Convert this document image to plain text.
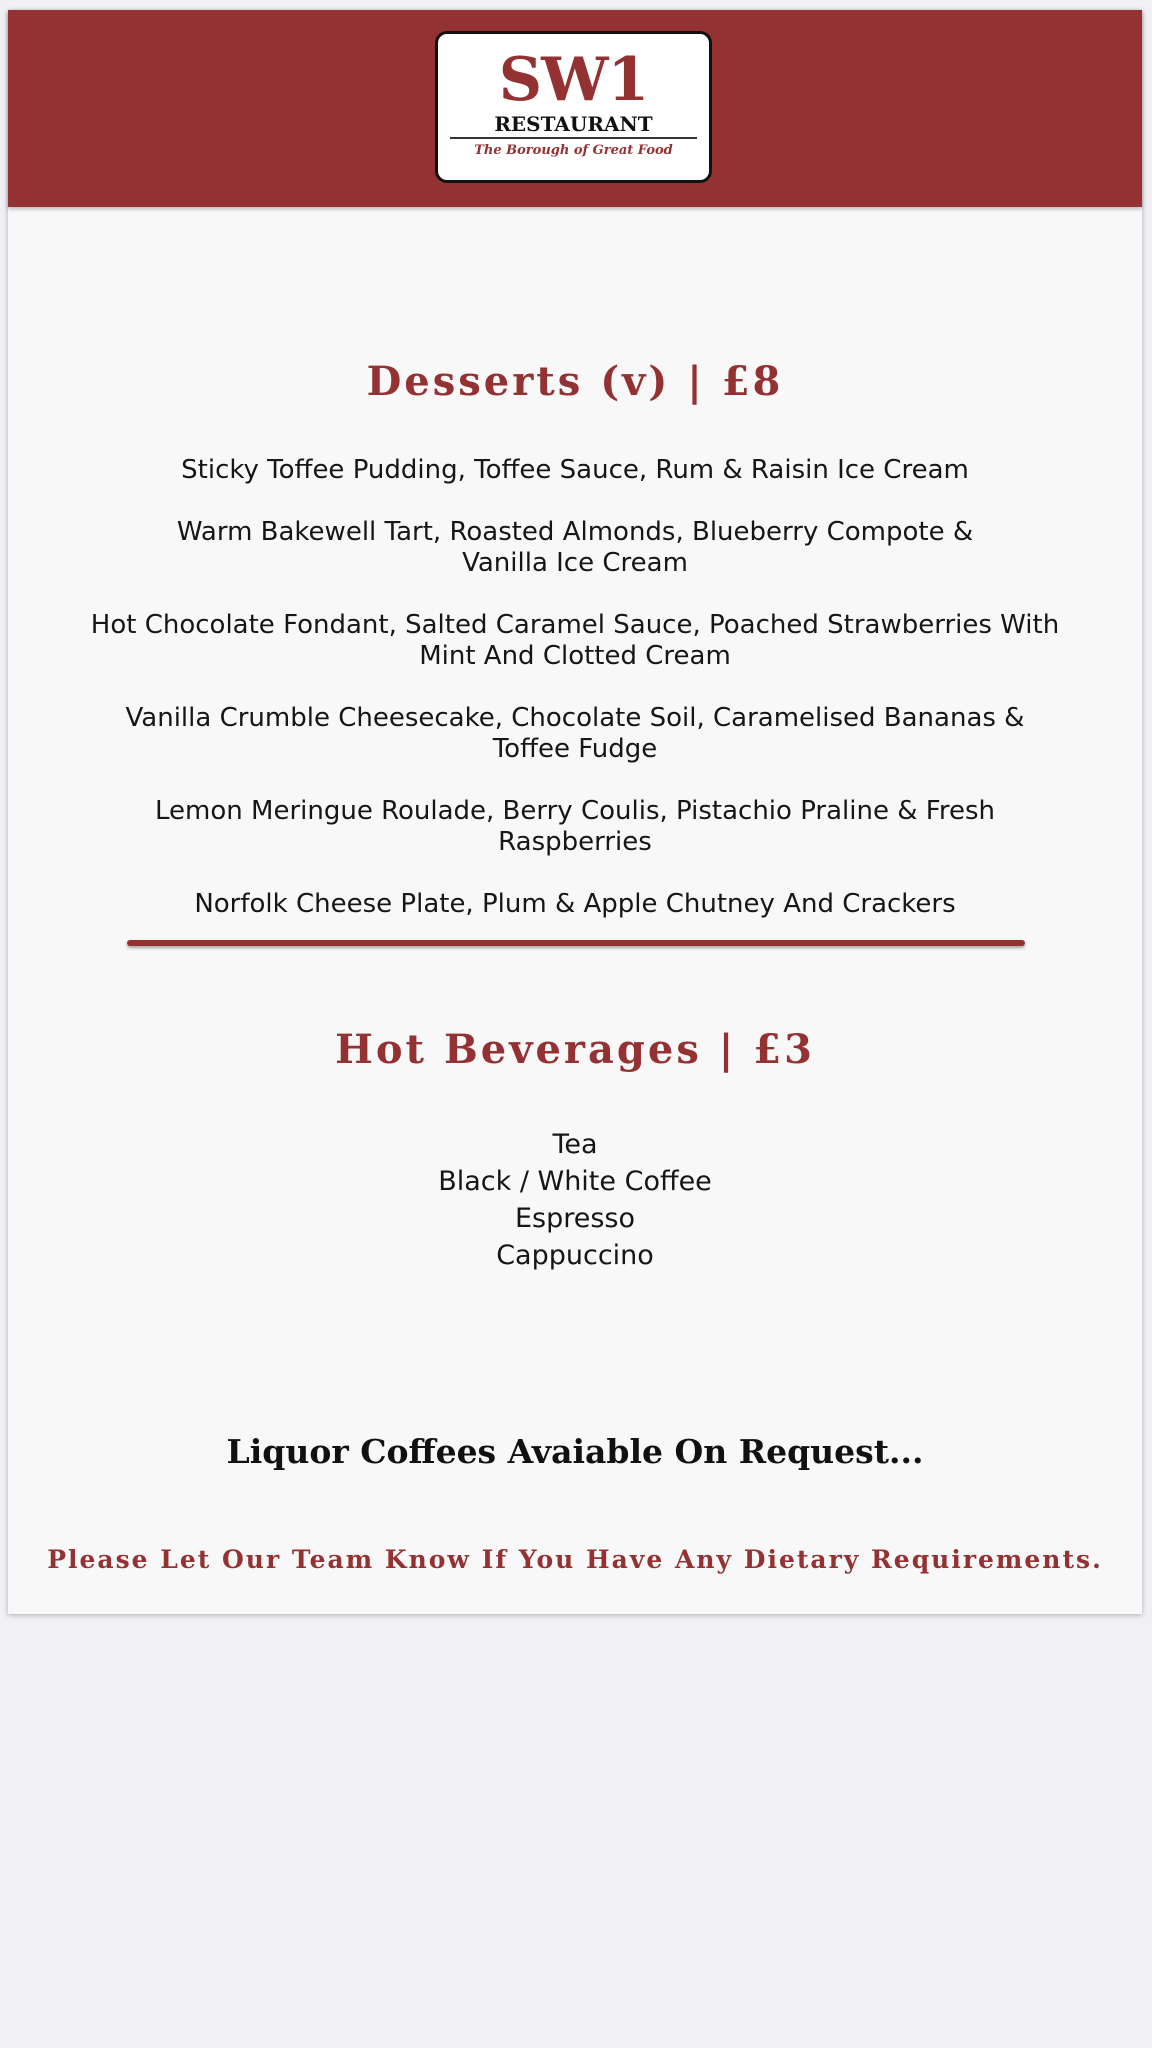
SW1
RESTAURANT
The Borough of Great Food
Desserts (v) | £8
Sticky Toffee Pudding, Toffee Sauce, Rum & Raisin Ice Cream
Warm Bakewell Tart, Roasted Almonds, Blueberry Compote & Vanilla Ice Cream
Hot Chocolate Fondant, Salted Caramel Sauce, Poached Strawberries With Mint And Clotted Cream
Vanilla Crumble Cheesecake, Chocolate Soil, Caramelised Bananas & Toffee Fudge
Lemon Meringue Roulade, Berry Coulis, Pistachio Praline & Fresh Raspberries
Norfolk Cheese Plate, Plum & Apple Chutney And Crackers
Hot Beverages | £3
Tea
Black / White Coffee
Espresso
Cappuccino
Liquor Coffees Avaiable On Request...
Please Let Our Team Know If You Have Any Dietary Requirements.
